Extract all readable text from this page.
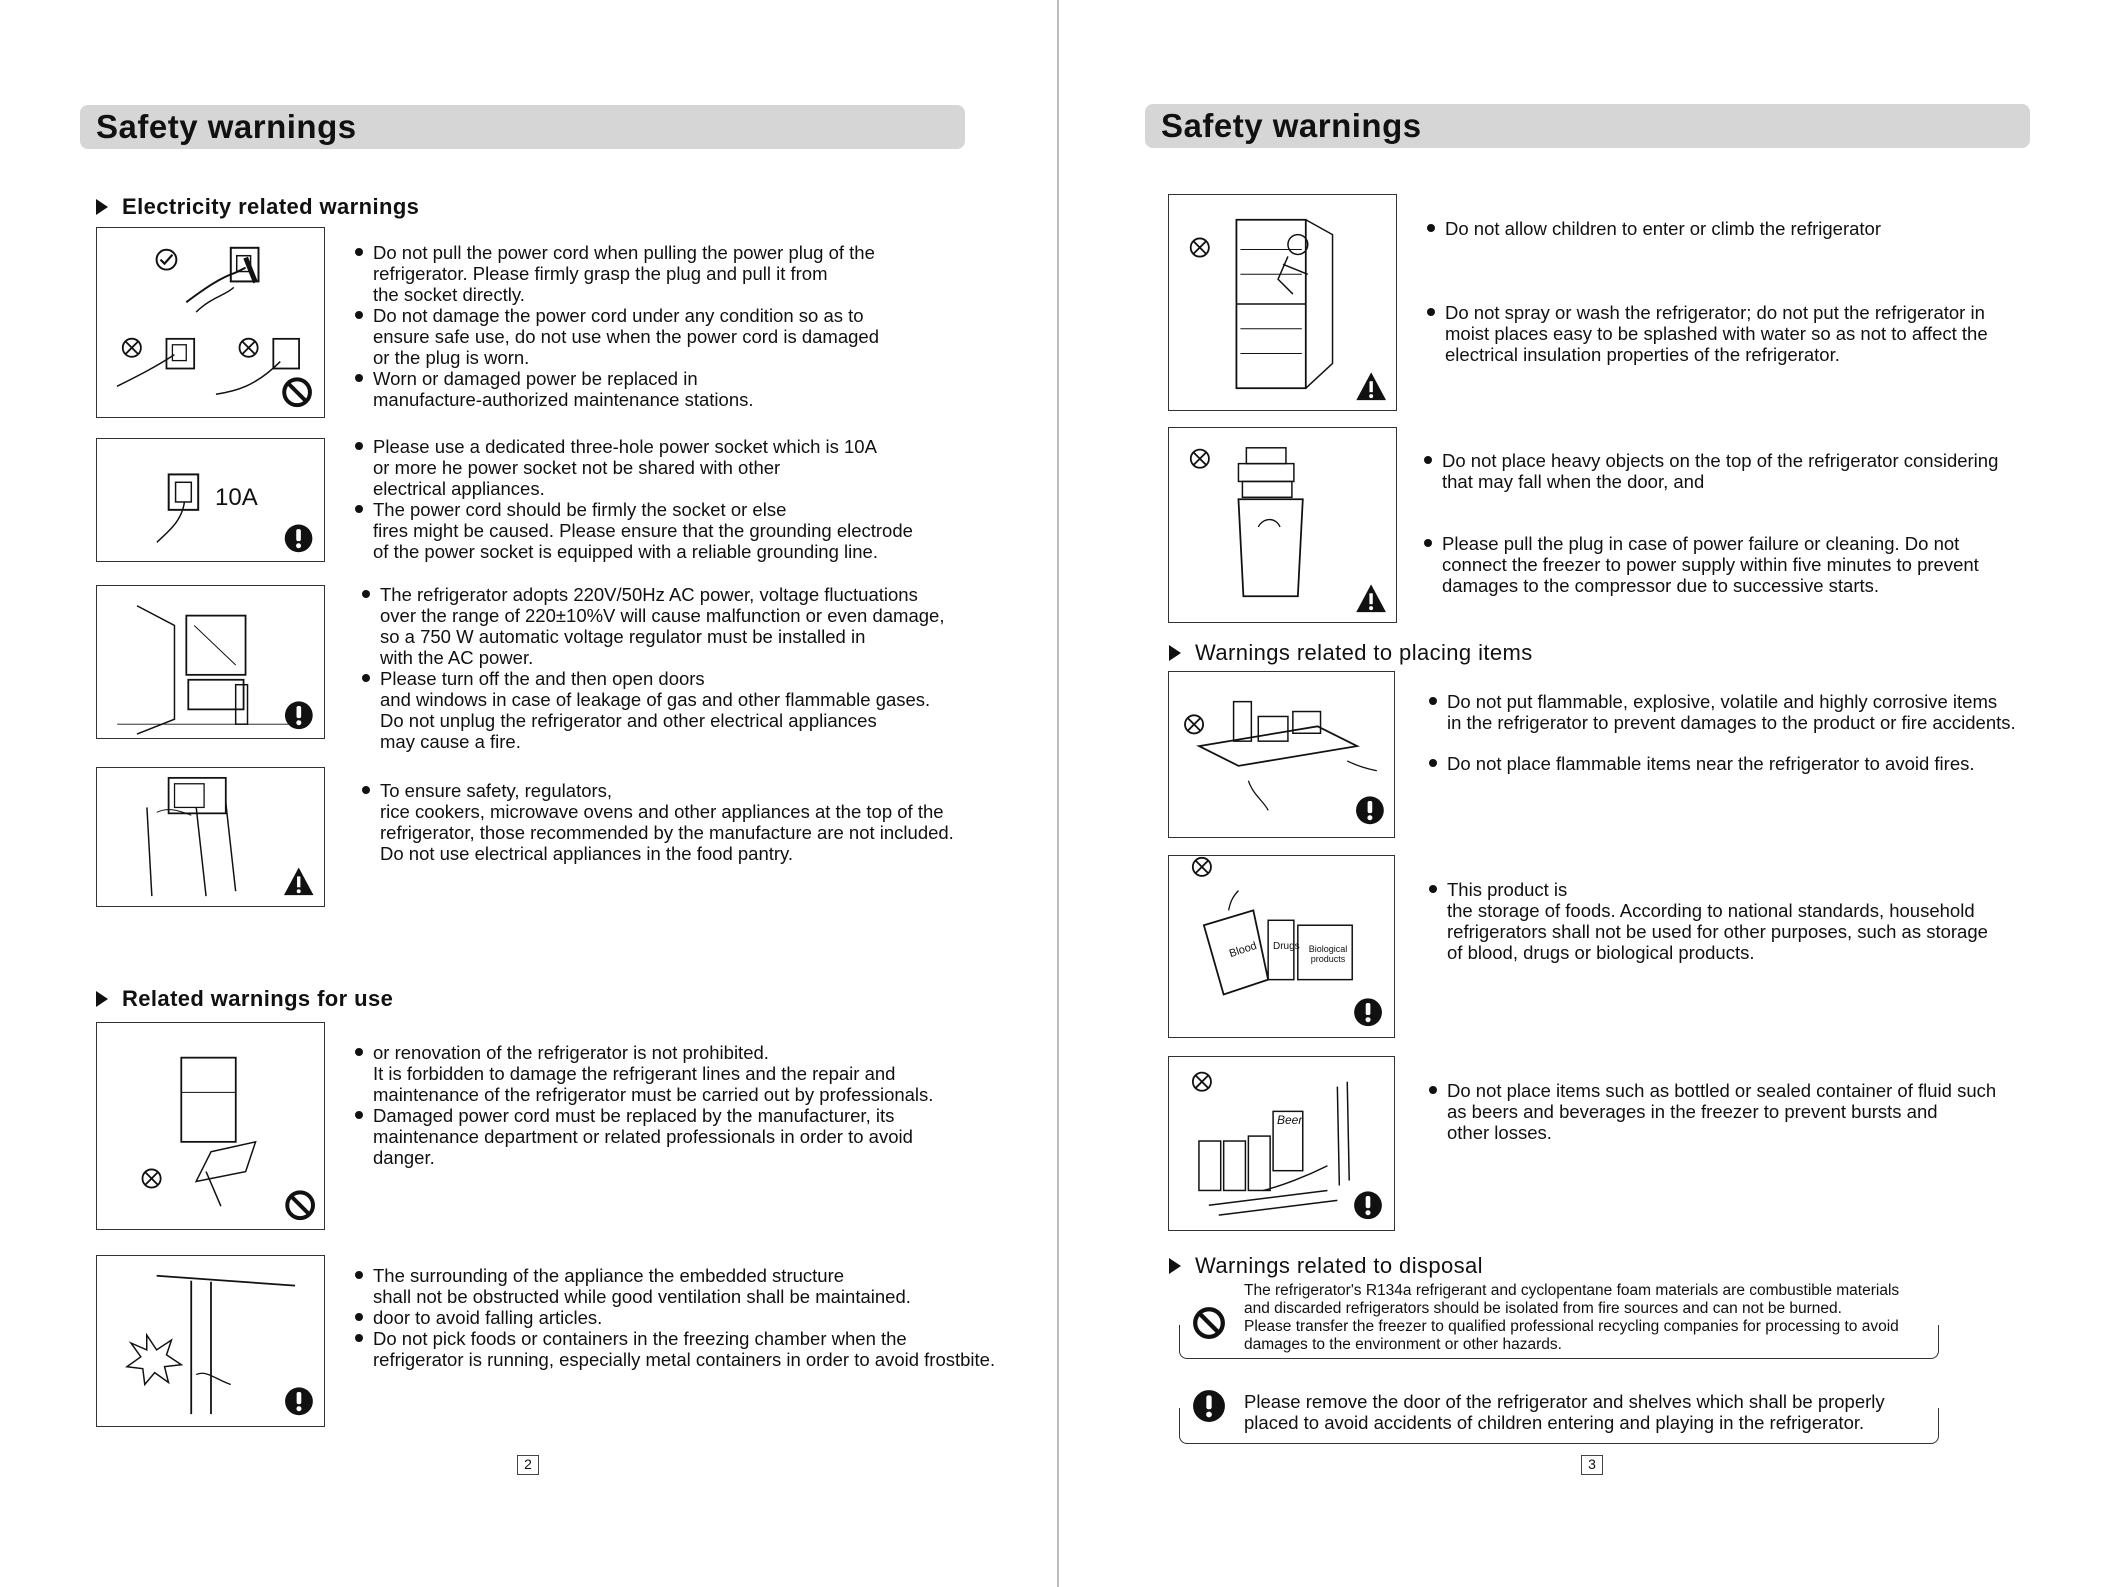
Safety warnings
Electricity related warnings
Do not pull the power cord when pulling the power plug of the
refrigerator. Please firmly grasp the plug and pull it from
the socket directly.
Do not damage the power cord under any condition so as to
ensure safe use, do not use when the power cord is damaged
or the plug is worn.
Worn or damaged power be replaced in
manufacture-authorized maintenance stations.
10A
Please use a dedicated three-hole power socket which is 10A
or more he power socket not be shared with other
electrical appliances.
The power cord should be firmly the socket or else
fires might be caused. Please ensure that the grounding electrode
of the power socket is equipped with a reliable grounding line.
The refrigerator adopts 220V/50Hz AC power, voltage fluctuations
over the range of 220±10%V will cause malfunction or even damage,
so a 750 W automatic voltage regulator must be installed in
with the AC power.
Please turn off the and then open doors
and windows in case of leakage of gas and other flammable gases.
Do not unplug the refrigerator and other electrical appliances
may cause a fire.
To ensure safety, regulators,
rice cookers, microwave ovens and other appliances at the top of the
refrigerator, those recommended by the manufacture are not included.
Do not use electrical appliances in the food pantry.
Related warnings for use
or renovation of the refrigerator is not prohibited.
It is forbidden to damage the refrigerant lines and the repair and
maintenance of the refrigerator must be carried out by professionals.
Damaged power cord must be replaced by the manufacturer, its
maintenance department or related professionals in order to avoid
danger.
The surrounding of the appliance the embedded structure
shall not be obstructed while good ventilation shall be maintained.
door to avoid falling articles.
Do not pick foods or containers in the freezing chamber when the
refrigerator is running, especially metal containers in order to avoid frostbite.
2
Safety warnings
Do not allow children to enter or climb the refrigerator
Do not spray or wash the refrigerator; do not put the refrigerator in
moist places easy to be splashed with water so as not to affect the
electrical insulation properties of the refrigerator.
Do not place heavy objects on the top of the refrigerator considering
that may fall when the door, and
Please pull the plug in case of power failure or cleaning. Do not
connect the freezer to power supply within five minutes to prevent
damages to the compressor due to successive starts.
Warnings related to placing items
Do not put flammable, explosive, volatile and highly corrosive items
in the refrigerator to prevent damages to the product or fire accidents.
Do not place flammable items near the refrigerator to avoid fires.
Blood Drugs	Biological products
This product is
the storage of foods. According to national standards, household
refrigerators shall not be used for other purposes, such as storage
of blood, drugs or biological products.
Beer
Do not place items such as bottled or sealed container of fluid such
as beers and beverages in the freezer to prevent bursts and
other losses.
Warnings related to disposal
The refrigerator's R134a refrigerant and cyclopentane foam materials are combustible materials
and discarded refrigerators should be isolated from fire sources and can not be burned.
Please transfer the freezer to qualified professional recycling companies for processing to avoid
damages to the environment or other hazards.
Please remove the door of the refrigerator and shelves which shall be properly
placed to avoid accidents of children entering and playing in the refrigerator.
3
